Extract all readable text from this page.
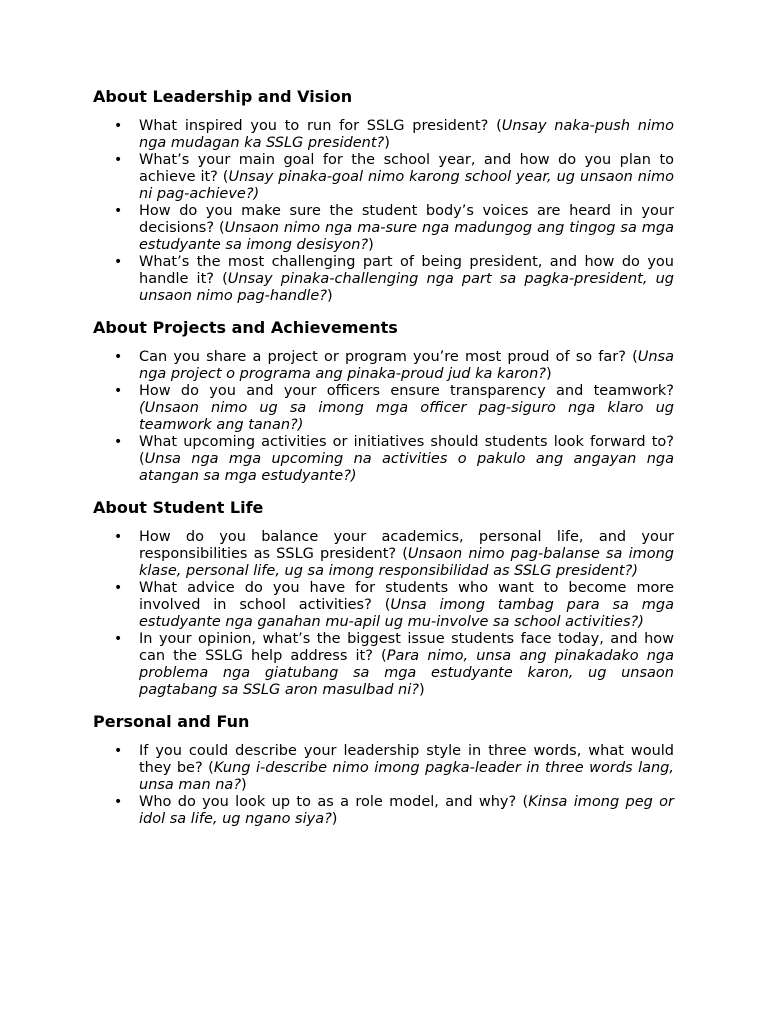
About Leadership and Vision
• What inspired you to run for SSLG president? (Unsay naka-push nimo nga mudagan ka SSLG president?)
• What’s your main goal for the school year, and how do you plan to achieve it? (Unsay pinaka-goal nimo karong school year, ug unsaon nimo ni pag-achieve?)
• How do you make sure the student body’s voices are heard in your decisions? (Unsaon nimo nga ma-sure nga madungog ang tingog sa mga estudyante sa imong desisyon?)
• What’s the most challenging part of being president, and how do you handle it? (Unsay pinaka-challenging nga part sa pagka-president, ug unsaon nimo pag-handle?)
About Projects and Achievements
• Can you share a project or program you’re most proud of so far? (Unsa nga project o programa ang pinaka-proud jud ka karon?)
• How do you and your officers ensure transparency and teamwork? (Unsaon nimo ug sa imong mga officer pag-siguro nga klaro ug teamwork ang tanan?)
• What upcoming activities or initiatives should students look forward to? (Unsa nga mga upcoming na activities o pakulo ang angayan nga atangan sa mga estudyante?)
About Student Life
• How do you balance your academics, personal life, and your responsibilities as SSLG president? (Unsaon nimo pag-balanse sa imong klase, personal life, ug sa imong responsibilidad as SSLG president?)
• What advice do you have for students who want to become more involved in school activities? (Unsa imong tambag para sa mga estudyante nga ganahan mu-apil ug mu-involve sa school activities?)
• In your opinion, what’s the biggest issue students face today, and how can the SSLG help address it? (Para nimo, unsa ang pinakadako nga problema nga giatubang sa mga estudyante karon, ug unsaon pagtabang sa SSLG aron masulbad ni?)
Personal and Fun
• If you could describe your leadership style in three words, what would they be? (Kung i-describe nimo imong pagka-leader in three words lang, unsa man na?)
• Who do you look up to as a role model, and why? (Kinsa imong peg or idol sa life, ug ngano siya?)
